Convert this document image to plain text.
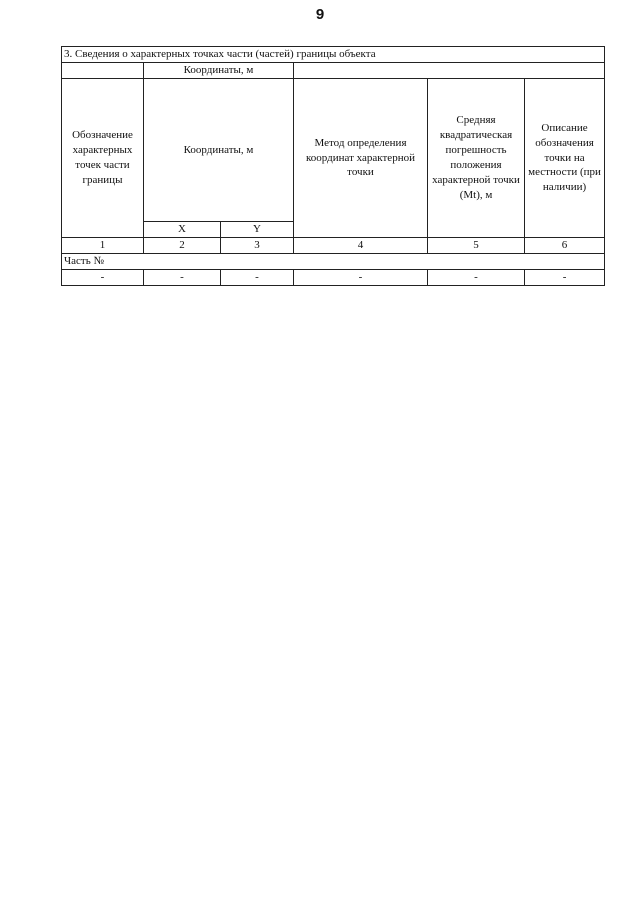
9
3. Сведения о характерных точках части (частей) границы объекта					
	Координаты, м				
Обозначение характерных точек части границы	Координаты, м		Метод определения координат характерной точки	Средняя квадратическая погрешность положения характерной точки (Mt), м	Описание обозначения точки на местности (при наличии)
	X	Y			
1	2	3	4	5	6
Часть №					
-	-	-	-	-	-
